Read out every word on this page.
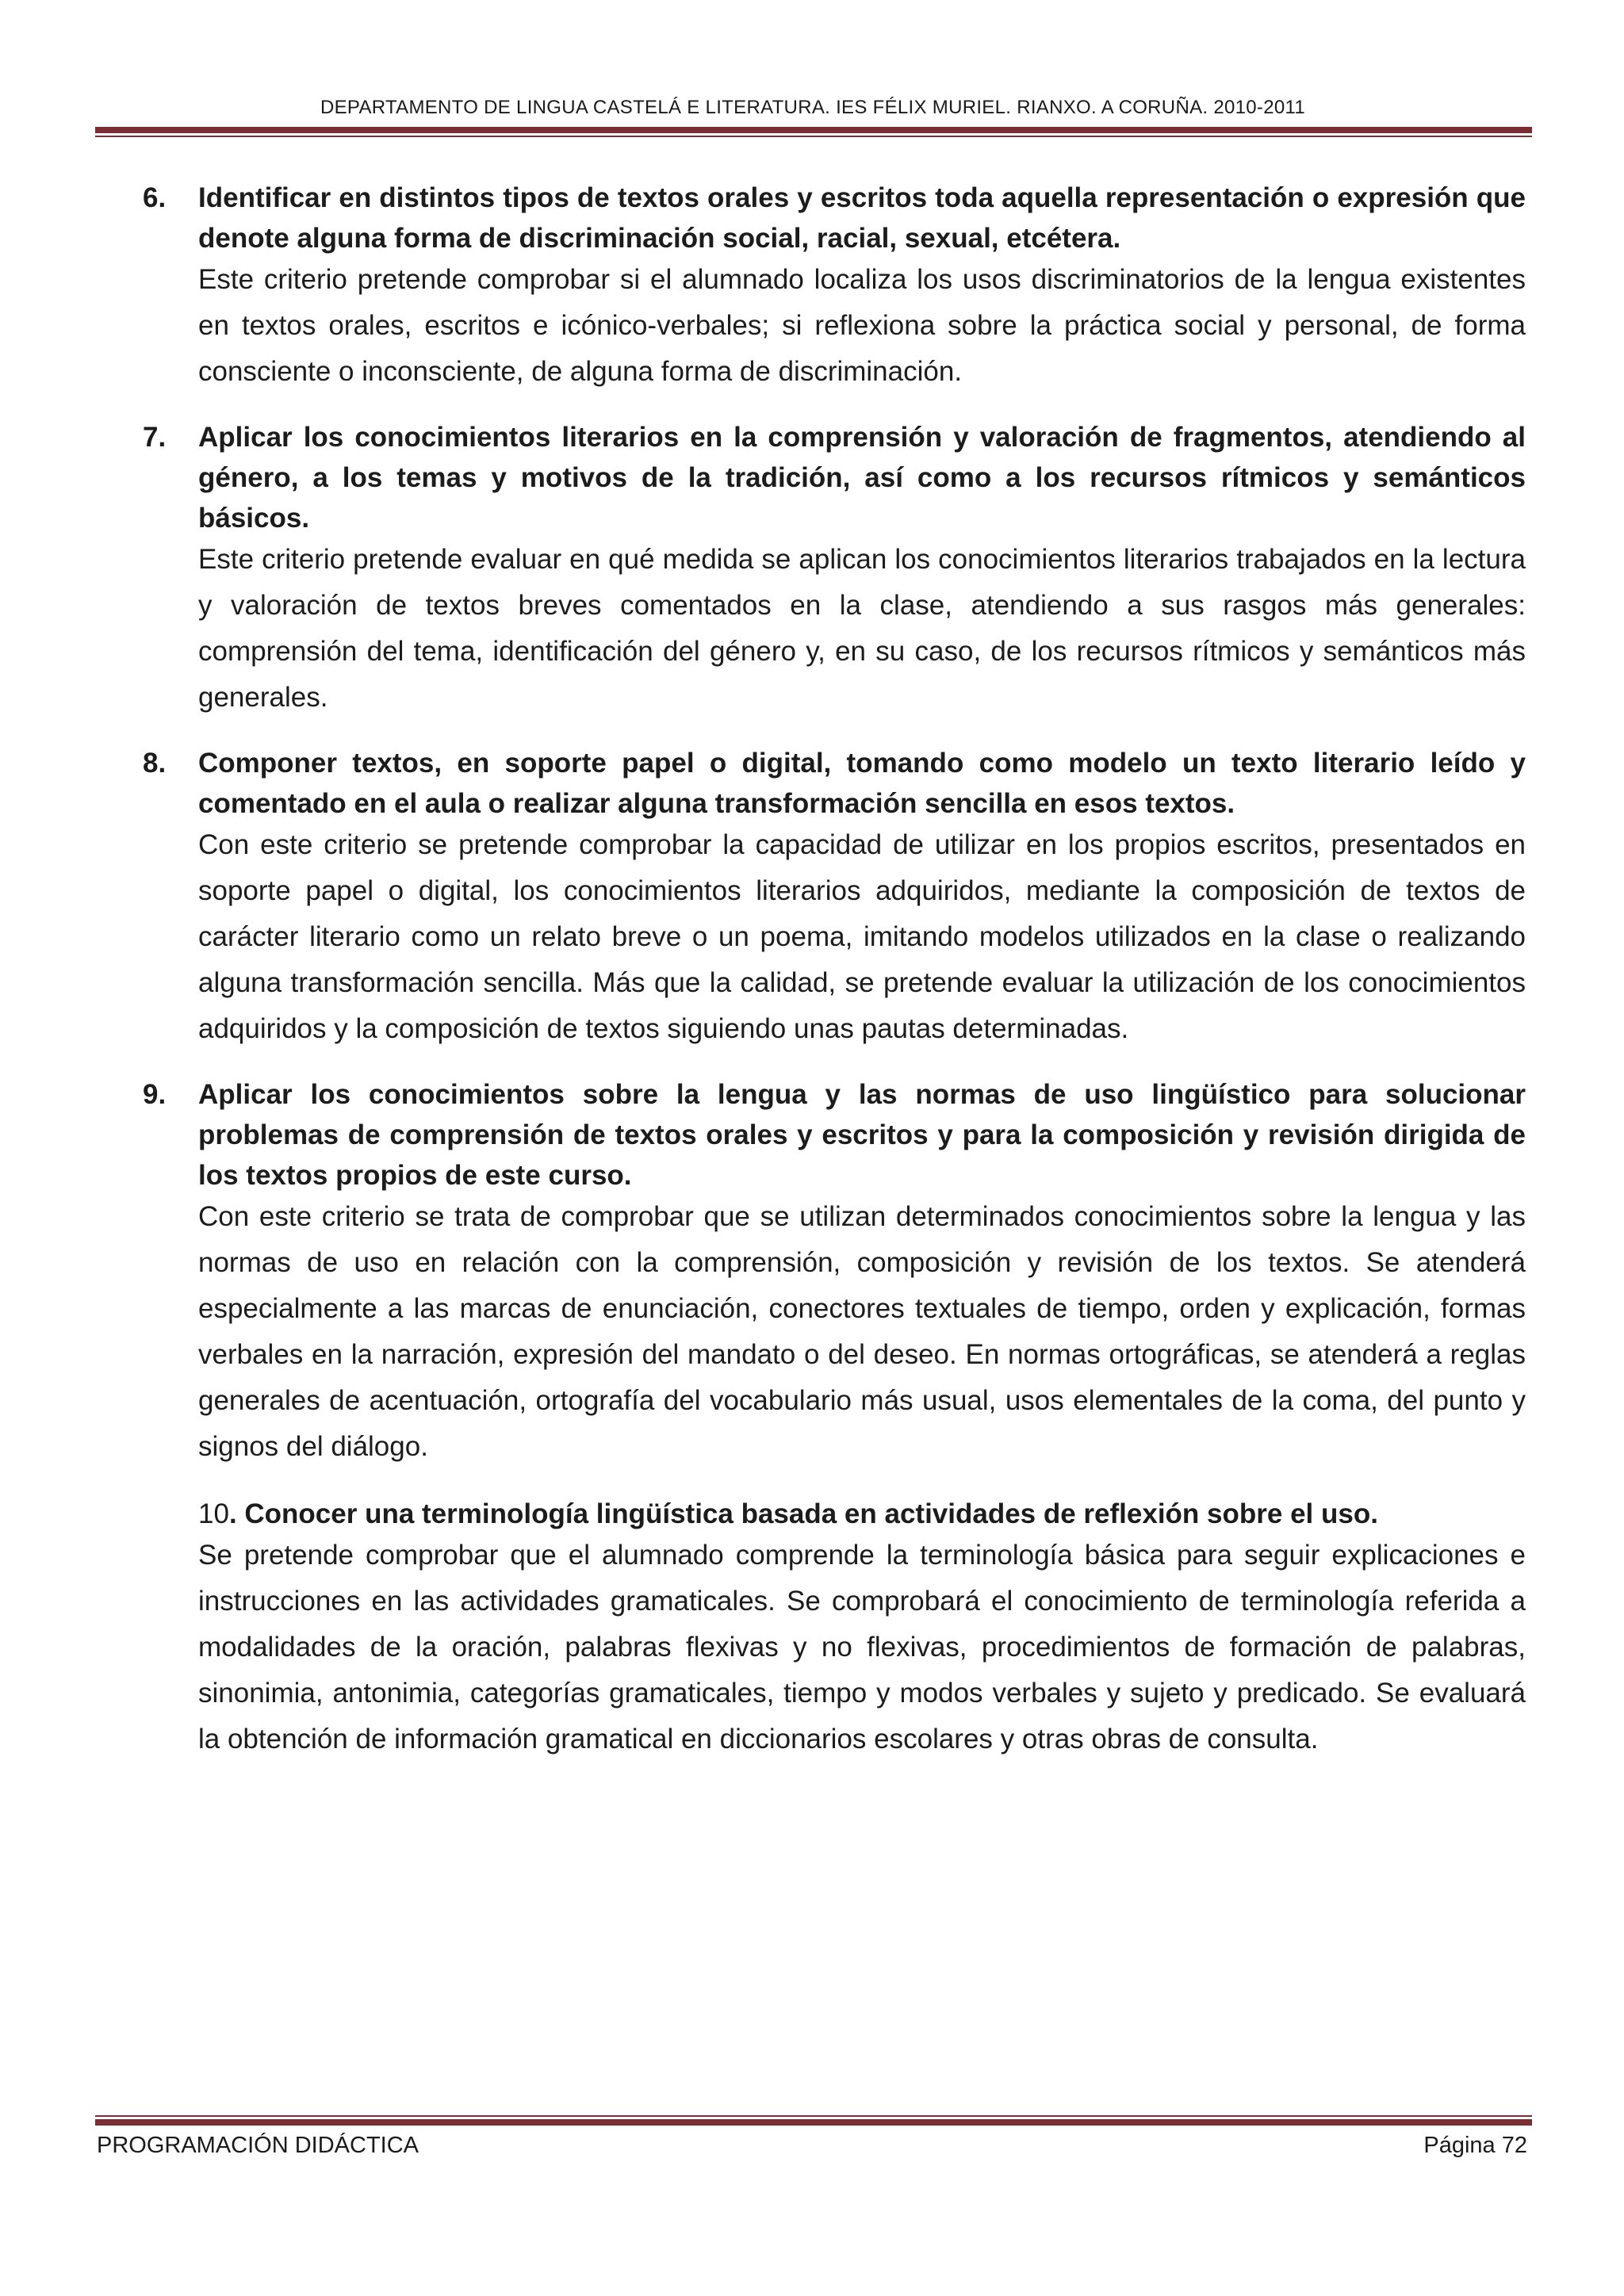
DEPARTAMENTO DE LINGUA CASTELÁ E LITERATURA. IES FÉLIX MURIEL. RIANXO. A CORUÑA. 2010-2011
6. Identificar en distintos tipos de textos orales y escritos toda aquella representación o expresión que denote alguna forma de discriminación social, racial, sexual, etcétera.
Este criterio pretende comprobar si el alumnado localiza los usos discriminatorios de la lengua existentes en textos orales, escritos e icónico-verbales; si reflexiona sobre la práctica social y personal, de forma consciente o inconsciente, de alguna forma de discriminación.
7. Aplicar los conocimientos literarios en la comprensión y valoración de fragmentos, atendiendo al género, a los temas y motivos de la tradición, así como a los recursos rítmicos y semánticos básicos.
Este criterio pretende evaluar en qué medida se aplican los conocimientos literarios trabajados en la lectura y valoración de textos breves comentados en la clase, atendiendo a sus rasgos más generales: comprensión del tema, identificación del género y, en su caso, de los recursos rítmicos y semánticos más generales.
8. Componer textos, en soporte papel o digital, tomando como modelo un texto literario leído y comentado en el aula o realizar alguna transformación sencilla en esos textos.
Con este criterio se pretende comprobar la capacidad de utilizar en los propios escritos, presentados en soporte papel o digital, los conocimientos literarios adquiridos, mediante la composición de textos de carácter literario como un relato breve o un poema, imitando modelos utilizados en la clase o realizando alguna transformación sencilla. Más que la calidad, se pretende evaluar la utilización de los conocimientos adquiridos y la composición de textos siguiendo unas pautas determinadas.
9. Aplicar los conocimientos sobre la lengua y las normas de uso lingüístico para solucionar problemas de comprensión de textos orales y escritos y para la composición y revisión dirigida de los textos propios de este curso.
Con este criterio se trata de comprobar que se utilizan determinados conocimientos sobre la lengua y las normas de uso en relación con la comprensión, composición y revisión de los textos. Se atenderá especialmente a las marcas de enunciación, conectores textuales de tiempo, orden y explicación, formas verbales en la narración, expresión del mandato o del deseo. En normas ortográficas, se atenderá a reglas generales de acentuación, ortografía del vocabulario más usual, usos elementales de la coma, del punto y signos del diálogo.
10. Conocer una terminología lingüística basada en actividades de reflexión sobre el uso.
Se pretende comprobar que el alumnado comprende la terminología básica para seguir explicaciones e instrucciones en las actividades gramaticales. Se comprobará el conocimiento de terminología referida a modalidades de la oración, palabras flexivas y no flexivas, procedimientos de formación de palabras, sinonimia, antonimia, categorías gramaticales, tiempo y modos verbales y sujeto y predicado. Se evaluará la obtención de información gramatical en diccionarios escolares y otras obras de consulta.
PROGRAMACIÓN DIDÁCTICA	Página 72
